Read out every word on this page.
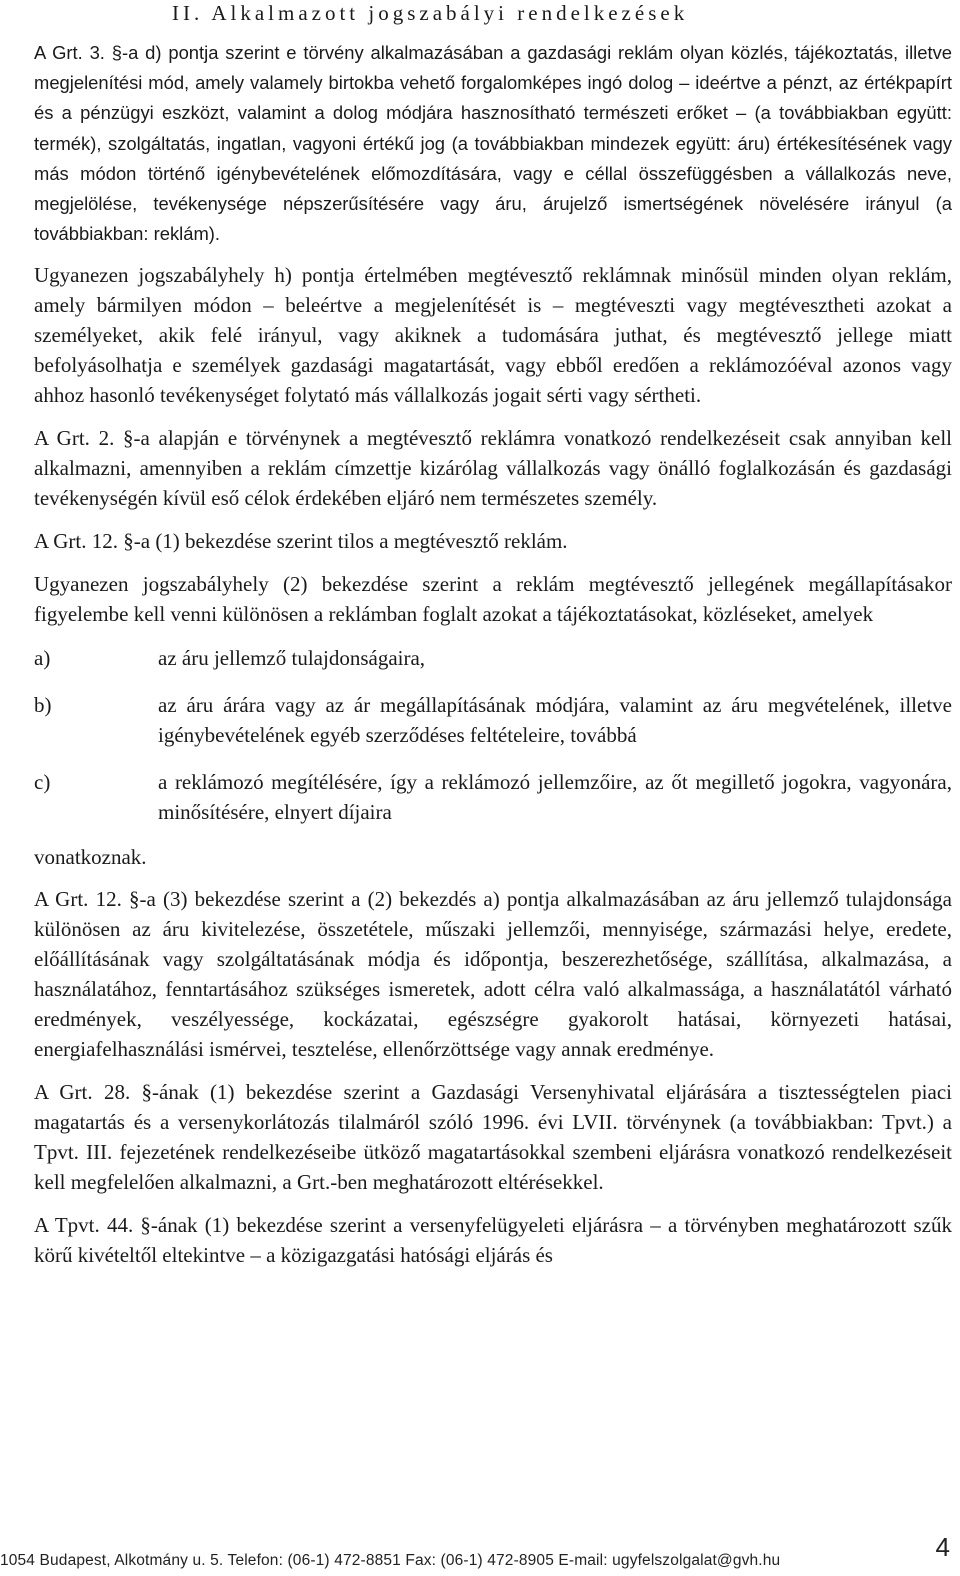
II. Alkalmazott jogszabályi rendelkezések

A Grt. 3. §-a d) pontja szerint e törvény alkalmazásában a gazdasági reklám olyan közlés, tájékoztatás, illetve megjelenítési mód, amely valamely birtokba vehető forgalomképes ingó dolog – ideértve a pénzt, az értékpapírt és a pénzügyi eszközt, valamint a dolog módjára hasznosítható természeti erőket – (a továbbiakban együtt: termék), szolgáltatás, ingatlan, vagyoni értékű jog (a továbbiakban mindezek együtt: áru) értékesítésének vagy más módon történő igénybevételének előmozdítására, vagy e céllal összefüggésben a vállalkozás neve, megjelölése, tevékenysége népszerűsítésére vagy áru, árujelző ismertségének növelésére irányul (a továbbiakban: reklám).

Ugyanezen jogszabályhely h) pontja értelmében megtévesztő reklámnak minősül minden olyan reklám, amely bármilyen módon – beleértve a megjelenítését is – megtéveszti vagy megtévesztheti azokat a személyeket, akik felé irányul, vagy akiknek a tudomására juthat, és megtévesztő jellege miatt befolyásolhatja e személyek gazdasági magatartását, vagy ebből eredően a reklámozóéval azonos vagy ahhoz hasonló tevékenységet folytató más vállalkozás jogait sérti vagy sértheti.

A Grt. 2. §-a alapján e törvénynek a megtévesztő reklámra vonatkozó rendelkezéseit csak annyiban kell alkalmazni, amennyiben a reklám címzettje kizárólag vállalkozás vagy önálló foglalkozásán és gazdasági tevékenységén kívül eső célok érdekében eljáró nem természetes személy.

A Grt. 12. §-a (1) bekezdése szerint tilos a megtévesztő reklám.

Ugyanezen jogszabályhely (2) bekezdése szerint a reklám megtévesztő jellegének megállapításakor figyelembe kell venni különösen a reklámban foglalt azokat a tájékoztatásokat, közléseket, amelyek

a)	az áru jellemző tulajdonságaira,
b)	az áru árára vagy az ár megállapításának módjára, valamint az áru megvételének, illetve igénybevételének egyéb szerződéses feltételeire, továbbá
c)	a reklámozó megítélésére, így a reklámozó jellemzőire, az őt megillető jogokra, vagyonára, minősítésére, elnyert díjaira
vonatkoznak.

A Grt. 12. §-a (3) bekezdése szerint a (2) bekezdés a) pontja alkalmazásában az áru jellemző tulajdonsága különösen az áru kivitelezése, összetétele, műszaki jellemzői, mennyisége, származási helye, eredete, előállításának vagy szolgáltatásának módja és időpontja, beszerezhetősége, szállítása, alkalmazása, a használatához, fenntartásához szükséges ismeretek, adott célra való alkalmassága, a használatától várható eredmények, veszélyessége, kockázatai, egészségre gyakorolt hatásai, környezeti hatásai, energiafelhasználási ismérvei, tesztelése, ellenőrzöttsége vagy annak eredménye.

A Grt. 28. §-ának (1) bekezdése szerint a Gazdasági Versenyhivatal eljárására a tisztességtelen piaci magatartás és a versenykorlátozás tilalmáról szóló 1996. évi LVII. törvénynek (a továbbiakban: Tpvt.) a Tpvt. III. fejezetének rendelkezéseibe ütköző magatartásokkal szembeni eljárásra vonatkozó rendelkezéseit kell megfelelően alkalmazni, a Grt.-ben meghatározott eltérésekkel.

A Tpvt. 44. §-ának (1) bekezdése szerint a versenyfelügyeleti eljárásra – a törvényben meghatározott szűk körű kivételtől eltekintve – a közigazgatási hatósági eljárás és

1054 Budapest, Alkotmány u. 5. Telefon: (06-1) 472-8851 Fax: (06-1) 472-8905 E-mail: ugyfelszolgalat@gvh.hu	4
